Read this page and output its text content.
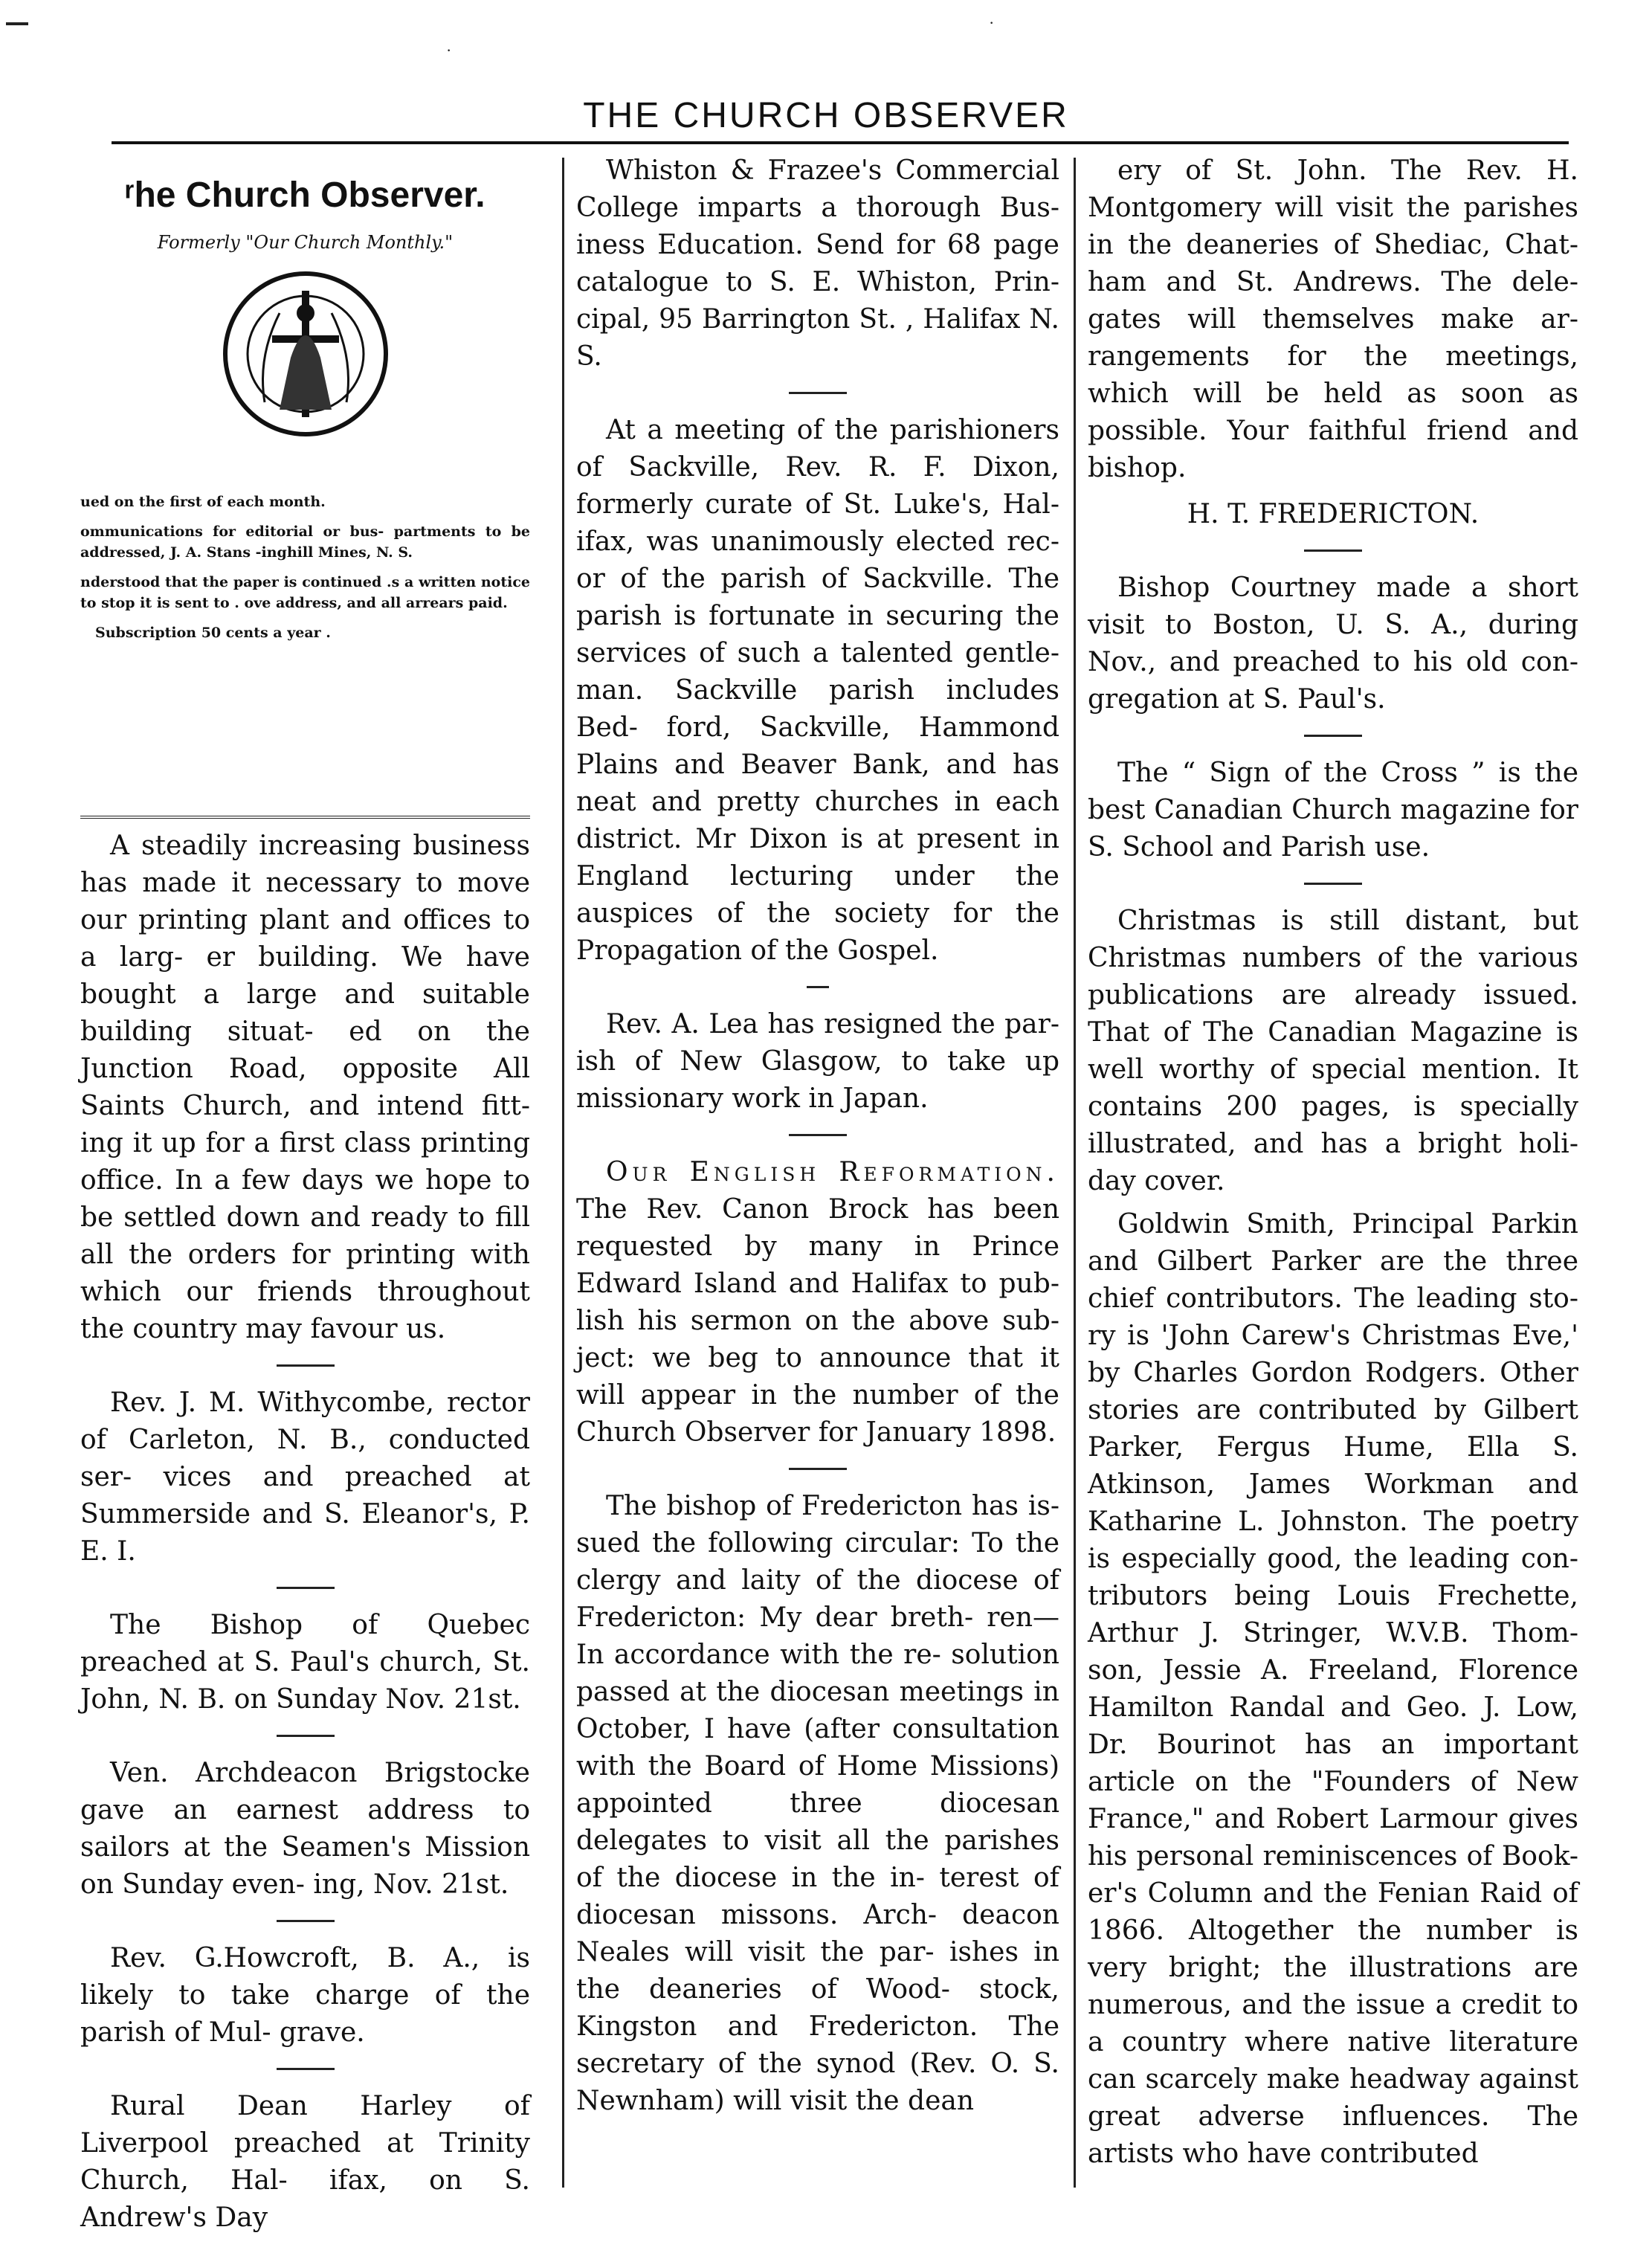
·
·
THE CHURCH OBSERVER
ʳhe Church Observer.
Formerly "Our Church Monthly."

ued on the first of each month.

ommunications for editorial or bus- partments to be addressed, J. A. Stans -inghill Mines, N. S.

nderstood that the paper is continued .s a written notice to stop it is sent to . ove address, and all arrears paid.

Subscription 50 cents a year .

A steadily increasing business has made it necessary to move our printing plant and offices to a larg- er building. We have bought a large and suitable building situat- ed on the Junction Road, opposite All Saints Church, and intend fitt- ing it up for a first class printing office. In a few days we hope to be settled down and ready to fill all the orders for printing with which our friends throughout the country may favour us.

Rev. J. M. Withycombe, rector of Carleton, N. B., conducted ser- vices and preached at Summerside and S. Eleanor's, P. E. I.

The Bishop of Quebec preached at S. Paul's church, St. John, N. B. on Sunday Nov. 21st.

Ven. Archdeacon Brigstocke gave an earnest address to sailors at the Seamen's Mission on Sunday even- ing, Nov. 21st.

Rev. G.Howcroft, B. A., is likely to take charge of the parish of Mul- grave.

Rural Dean Harley of Liverpool preached at Trinity Church, Hal- ifax, on S. Andrew's Day

Whiston & Frazee's Commercial College imparts a thorough Bus- iness Education. Send for 68 page catalogue to S. E. Whiston, Prin- cipal, 95 Barrington St. , Halifax N. S.

At a meeting of the parishioners of Sackville, Rev. R. F. Dixon, formerly curate of St. Luke's, Hal- ifax, was unanimously elected rec- or of the parish of Sackville. The parish is fortunate in securing the services of such a talented gentle- man. Sackville parish includes Bed- ford, Sackville, Hammond Plains and Beaver Bank, and has neat and pretty churches in each district. Mr Dixon is at present in England lecturing under the auspices of the society for the Propagation of the Gospel.

Rev. A. Lea has resigned the par- ish of New Glasgow, to take up missionary work in Japan.

Our English Reformation. The Rev. Canon Brock has been requested by many in Prince Edward Island and Halifax to pub- lish his sermon on the above sub- ject: we beg to announce that it will appear in the number of the Church Observer for January 1898.

The bishop of Fredericton has is- sued the following circular: To the clergy and laity of the diocese of Fredericton: My dear breth- ren—In accordance with the re- solution passed at the diocesan meetings in October, I have (after consultation with the Board of Home Missions) appointed three diocesan delegates to visit all the parishes of the diocese in the in- terest of diocesan missons. Arch- deacon Neales will visit the par- ishes in the deaneries of Wood- stock, Kingston and Fredericton. The secretary of the synod (Rev. O. S. Newnham) will visit the dean

ery of St. John. The Rev. H. Montgomery will visit the parishes in the deaneries of Shediac, Chat- ham and St. Andrews. The dele- gates will themselves make ar- rangements for the meetings, which will be held as soon as possible. Your faithful friend and bishop.

H. T. FREDERICTON.

Bishop Courtney made a short visit to Boston, U. S. A., during Nov., and preached to his old con- gregation at S. Paul's.

The “ Sign of the Cross ” is the best Canadian Church magazine for S. School and Parish use.

Christmas is still distant, but Christmas numbers of the various publications are already issued. That of The Canadian Magazine is well worthy of special mention. It contains 200 pages, is specially illustrated, and has a bright holi- day cover.

Goldwin Smith, Principal Parkin and Gilbert Parker are the three chief contributors. The leading sto- ry is 'John Carew's Christmas Eve,' by Charles Gordon Rodgers. Other stories are contributed by Gilbert Parker, Fergus Hume, Ella S. Atkinson, James Workman and Katharine L. Johnston. The poetry is especially good, the leading con- tributors being Louis Frechette, Arthur J. Stringer, W.V.B. Thom- son, Jessie A. Freeland, Florence Hamilton Randal and Geo. J. Low, Dr. Bourinot has an important article on the "Founders of New France," and Robert Larmour gives his personal reminiscences of Book- er's Column and the Fenian Raid of 1866. Altogether the number is very bright; the illustrations are numerous, and the issue a credit to a country where native literature can scarcely make headway against great adverse influences. The artists who have contributed
